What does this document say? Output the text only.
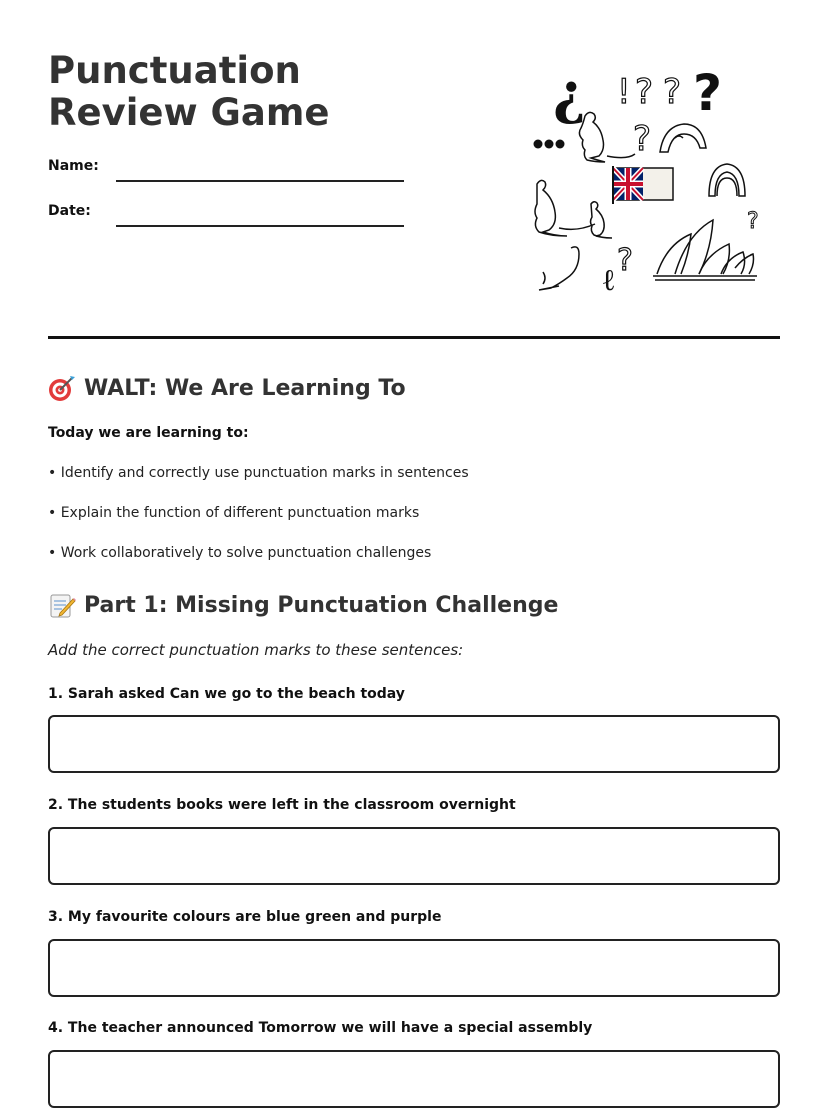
Punctuation Review Game
Name:
Date:
¿ ! ? ? ?
?
?
?
ℓ
WALT: We Are Learning To
Today we are learning to:
• Identify and correctly use punctuation marks in sentences
• Explain the function of different punctuation marks
• Work collaboratively to solve punctuation challenges
Part 1: Missing Punctuation Challenge
Add the correct punctuation marks to these sentences:
1. Sarah asked Can we go to the beach today
2. The students books were left in the classroom overnight
3. My favourite colours are blue green and purple
4. The teacher announced Tomorrow we will have a special assembly
